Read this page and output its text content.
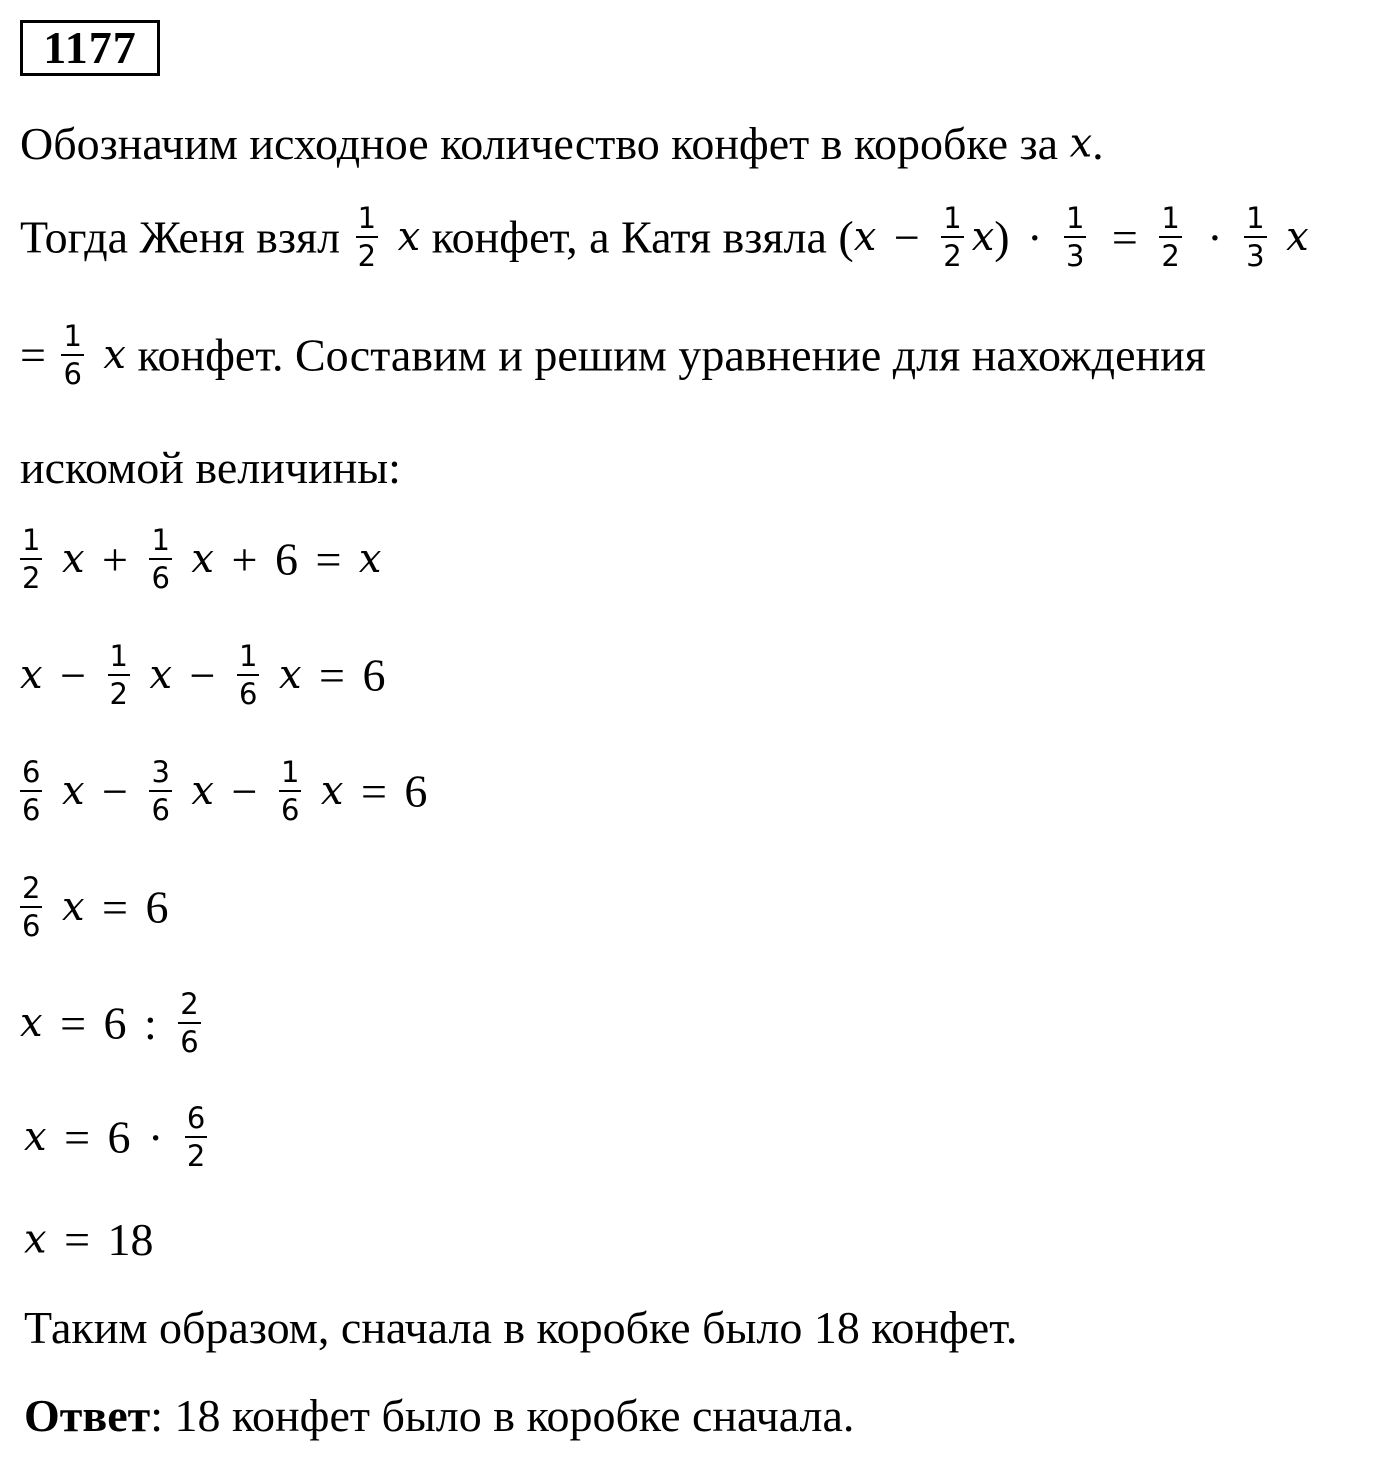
1177
Обозначим исходное количество конфет в коробке за x.
Тогда Женя взял $\frac{1}{2}$ x конфет, а Катя взяла $(x - \frac{1}{2} x) \cdot \frac{1}{3} = \frac{1}{2} \cdot \frac{1}{3}$ x
= $\frac{1}{6}$ x конфет. Составим и решим уравнение для нахождения
искомой величины:
$\frac{1}{2}$ $x + \frac{1}{6}$ x + 6 = x
$x - \frac{1}{2}$ $x - \frac{1}{6}$ x = 6
$\frac{6}{6}$ $x - \frac{3}{6}$ $x - \frac{1}{6}$ x = 6
$\frac{2}{6}$ x = 6
x = 6 : $\frac{2}{6}$
$x = 6 \cdot \frac{6}{2}$
x = 18
Таким образом, сначала в коробке было 18 конфет.
Ответ: 18 конфет было в коробке сначала.
